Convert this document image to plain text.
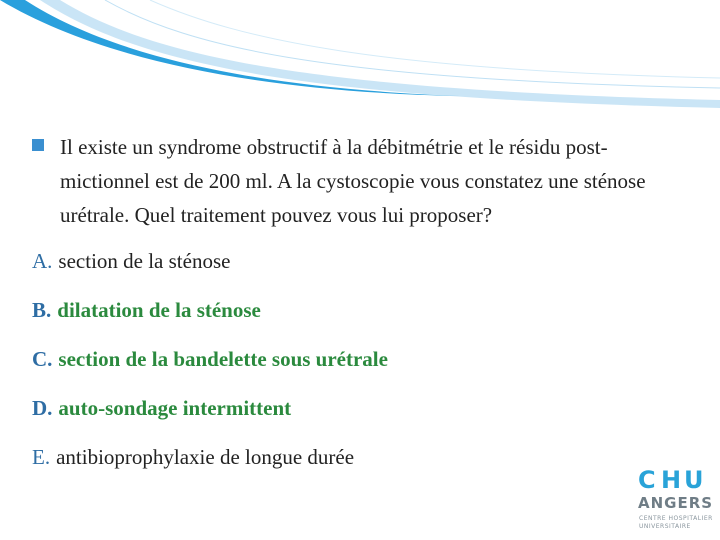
Il existe un syndrome obstructif à la débitmétrie et le résidu post-mictionnel est de 200 ml. A la cystoscopie vous constatez une sténose urétrale. Quel traitement pouvez vous lui proposer?
A. section de la sténose
B. dilatation de la sténose
C. section de la bandelette sous urétrale
D. auto-sondage intermittent
E. antibioprophylaxie de longue durée
C H U
ANGERS
CENTRE HOSPITALIER
UNIVERSITAIRE
